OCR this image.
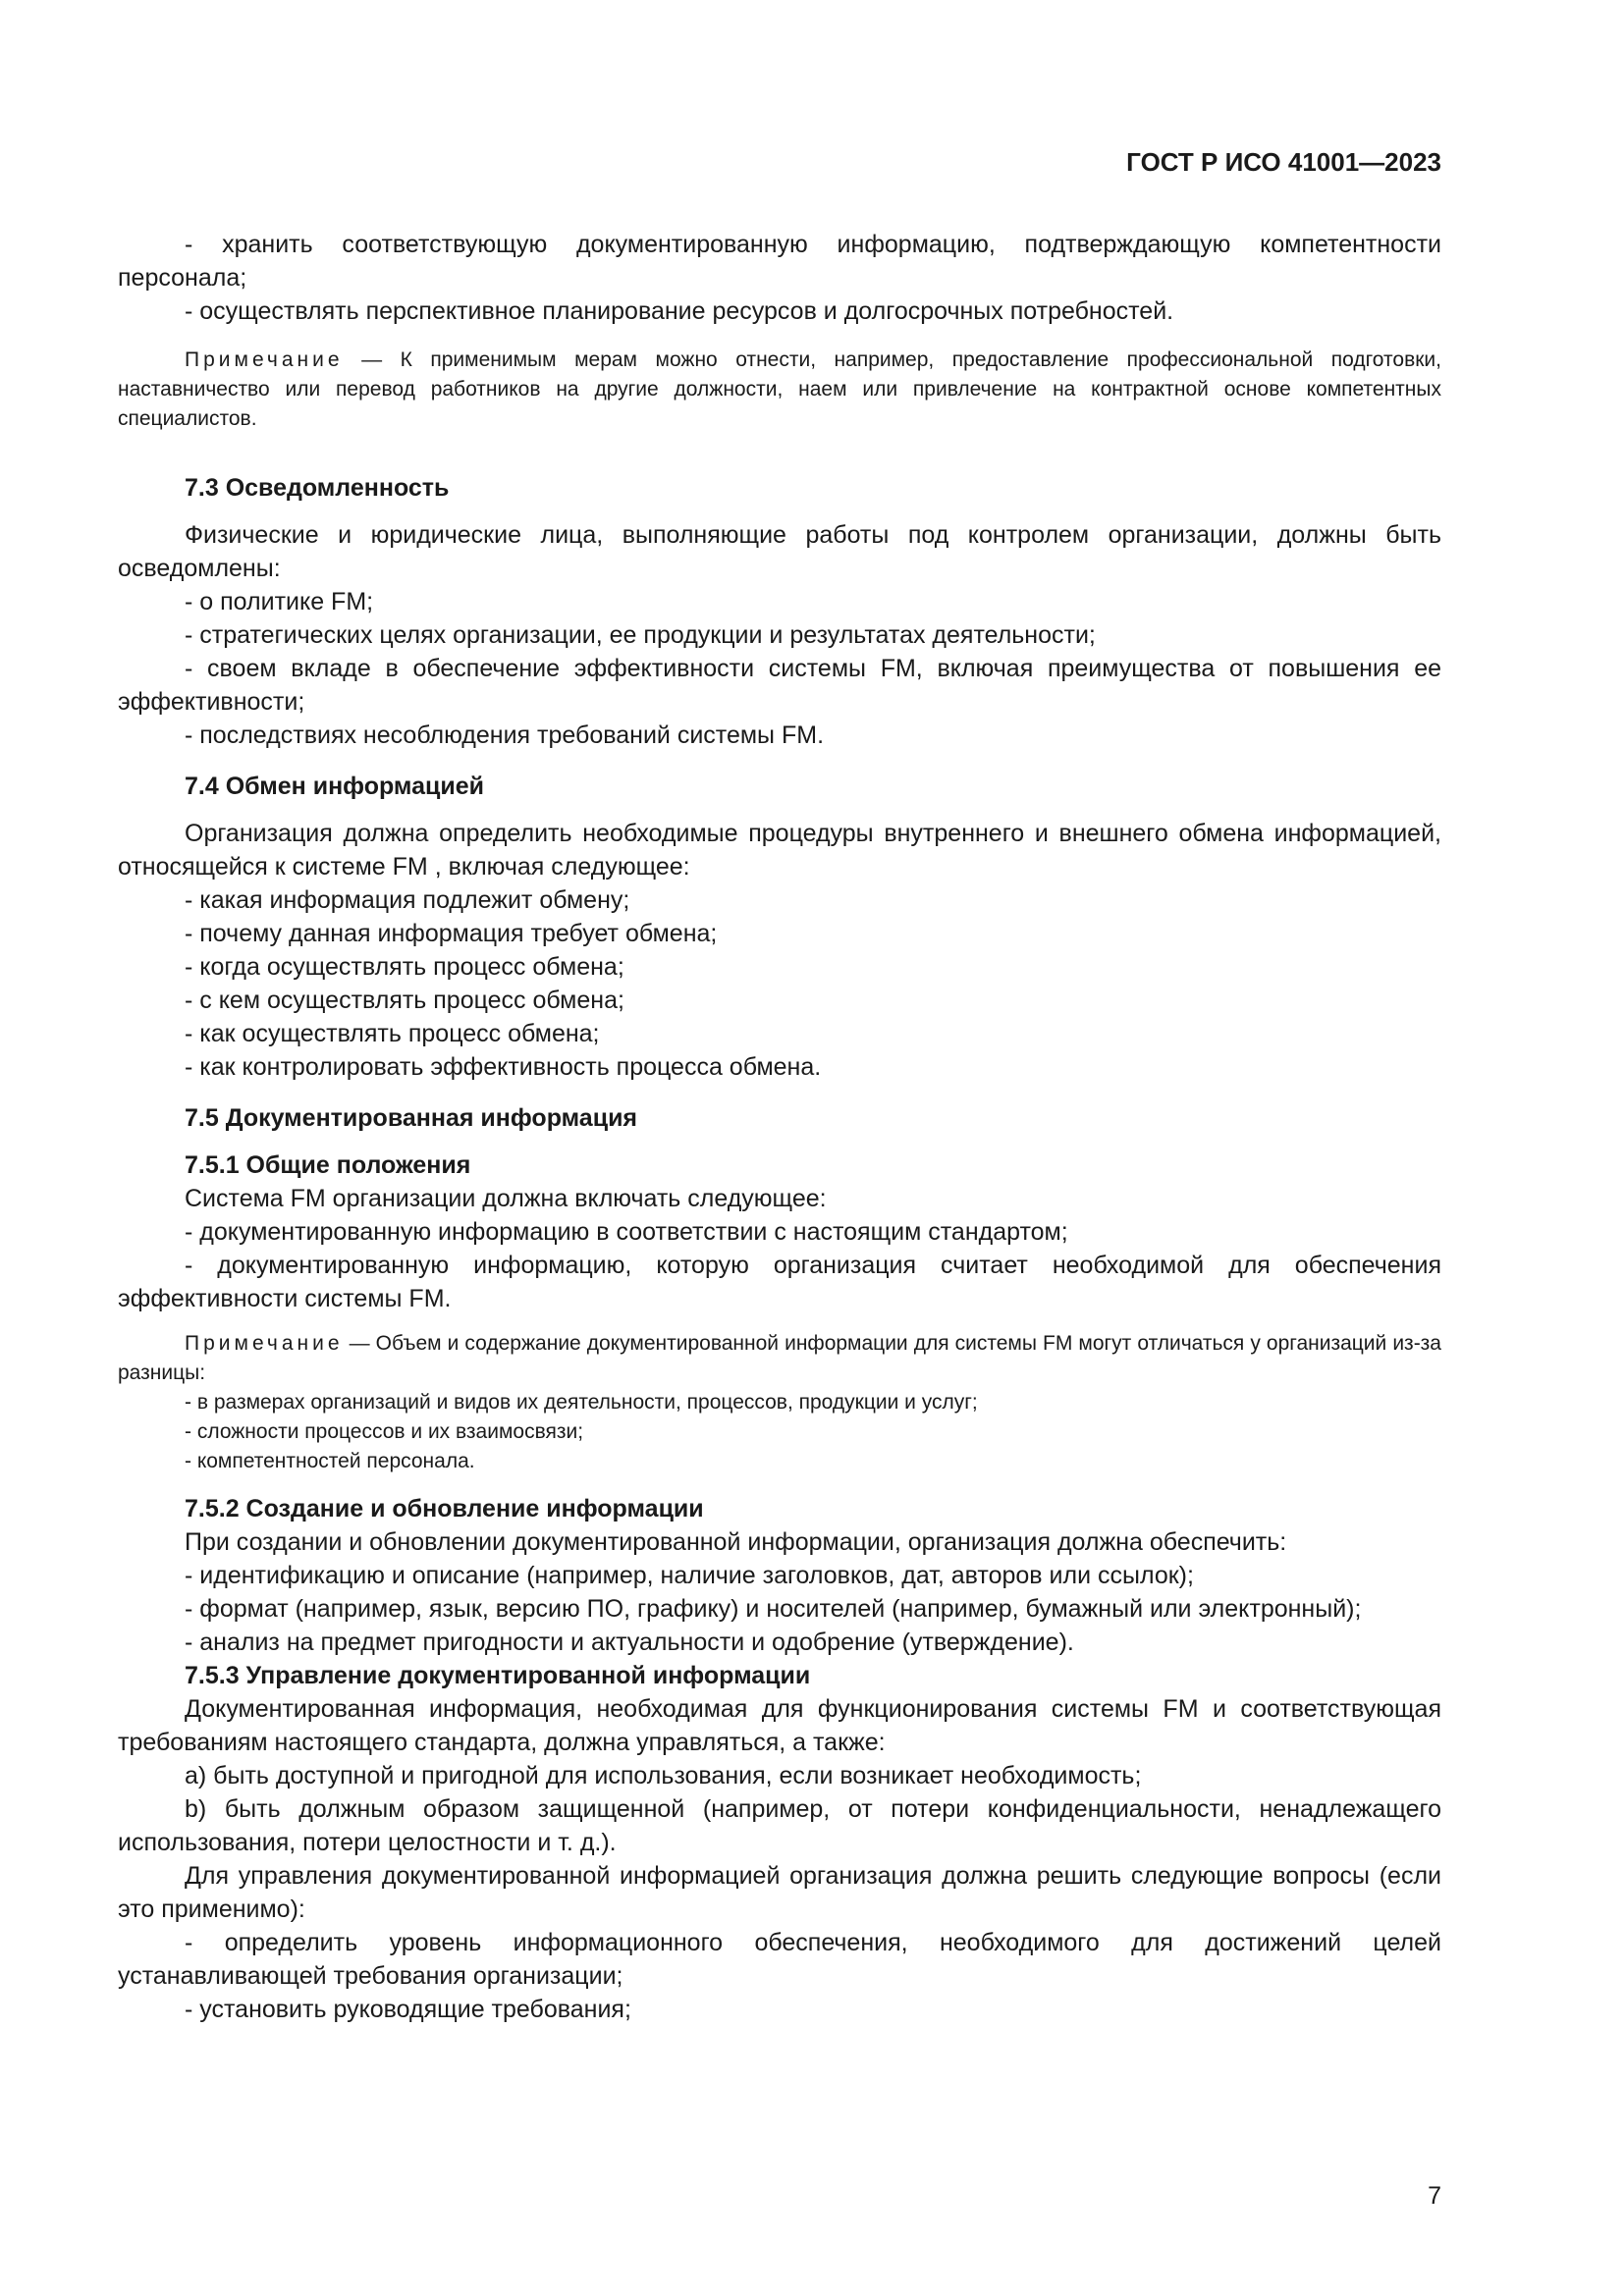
ГОСТ Р ИСО 41001—2023

- хранить соответствующую документированную информацию, подтверждающую компетентности персонала;

- осуществлять перспективное планирование ресурсов и долгосрочных потребностей.

Примечание — К применимым мерам можно отнести, например, предоставление профессиональной подготовки, наставничество или перевод работников на другие должности, наем или привлечение на контрактной основе компетентных специалистов.

7.3 Осведомленность

Физические и юридические лица, выполняющие работы под контролем организации, должны быть осведомлены:

- о политике FM;

- стратегических целях организации, ее продукции и результатах деятельности;

- своем вкладе в обеспечение эффективности системы FM, включая преимущества от повышения ее эффективности;

- последствиях несоблюдения требований системы FM.

7.4 Обмен информацией

Организация должна определить необходимые процедуры внутреннего и внешнего обмена информацией, относящейся к системе FM , включая следующее:

- какая информация подлежит обмену;

- почему данная информация требует обмена;

- когда осуществлять процесс обмена;

- с кем осуществлять процесс обмена;

- как осуществлять процесс обмена;

- как контролировать эффективность процесса обмена.

7.5 Документированная информация

7.5.1 Общие положения

Система FM организации должна включать следующее:

- документированную информацию в соответствии с настоящим стандартом;

- документированную информацию, которую организация считает необходимой для обеспечения эффективности системы FM.

Примечание — Объем и содержание документированной информации для системы FM могут отличаться у организаций из-за разницы:

- в размерах организаций и видов их деятельности, процессов, продукции и услуг;

- сложности процессов и их взаимосвязи;

- компетентностей персонала.

7.5.2 Создание и обновление информации

При создании и обновлении документированной информации, организация должна обеспечить:

- идентификацию и описание (например, наличие заголовков, дат, авторов или ссылок);

- формат (например, язык, версию ПО, графику) и носителей (например, бумажный или электронный);

- анализ на предмет пригодности и актуальности и одобрение (утверждение).

7.5.3 Управление документированной информации

Документированная информация, необходимая для функционирования системы FM и соответствующая требованиям настоящего стандарта, должна управляться, а также:

а) быть доступной и пригодной для использования, если возникает необходимость;

b) быть должным образом защищенной (например, от потери конфиденциальности, ненадлежащего использования, потери целостности и т. д.).

Для управления документированной информацией организация должна решить следующие вопросы (если это применимо):

- определить уровень информационного обеспечения, необходимого для достижений целей устанавливающей требования организации;

- установить руководящие требования;

7
